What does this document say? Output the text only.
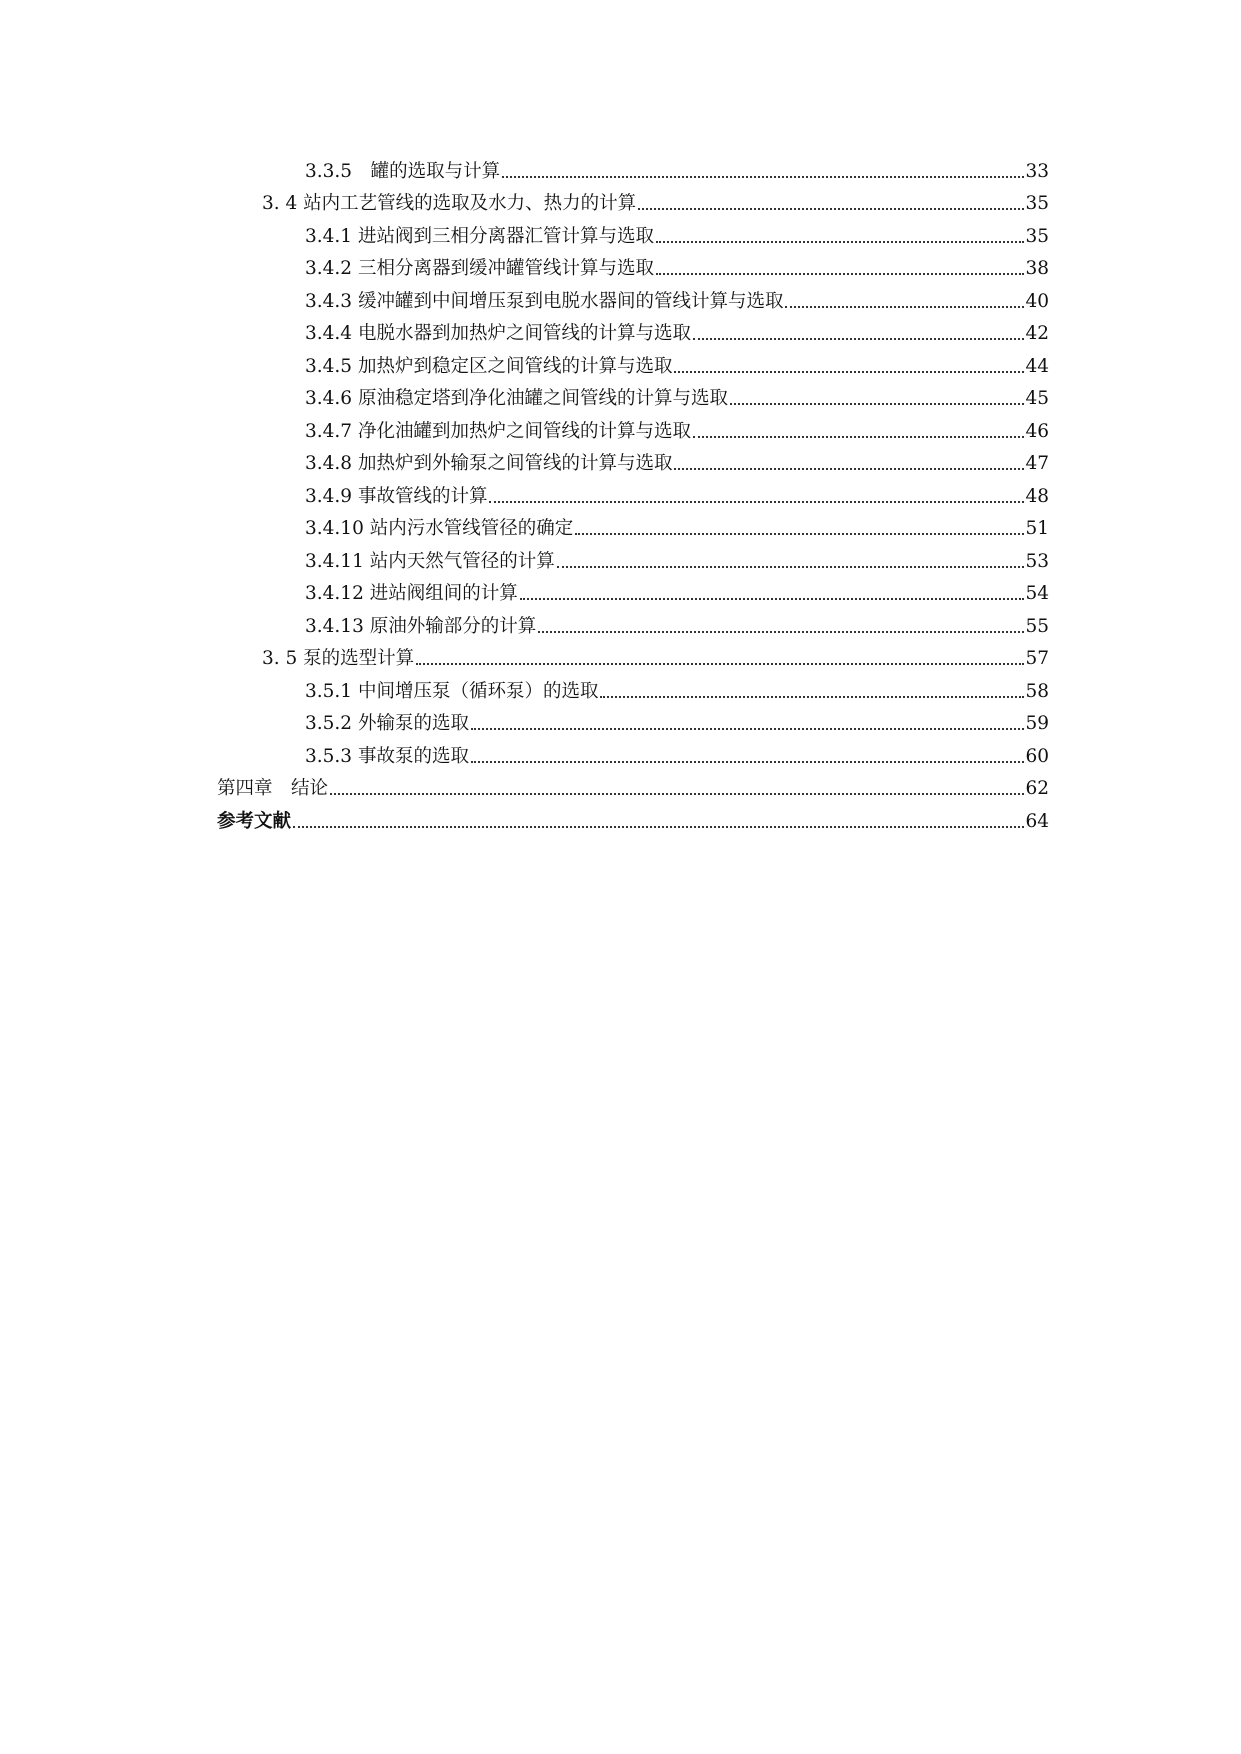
3.3.5　罐的选取与计算	33
3. 4 站内工艺管线的选取及水力、热力的计算	35
3.4.1 进站阀到三相分离器汇管计算与选取	35
3.4.2 三相分离器到缓冲罐管线计算与选取	38
3.4.3 缓冲罐到中间增压泵到电脱水器间的管线计算与选取	40
3.4.4 电脱水器到加热炉之间管线的计算与选取	42
3.4.5 加热炉到稳定区之间管线的计算与选取	44
3.4.6 原油稳定塔到净化油罐之间管线的计算与选取	45
3.4.7 净化油罐到加热炉之间管线的计算与选取	46
3.4.8 加热炉到外输泵之间管线的计算与选取	47
3.4.9 事故管线的计算	48
3.4.10 站内污水管线管径的确定	51
3.4.11 站内天然气管径的计算	53
3.4.12 进站阀组间的计算	54
3.4.13 原油外输部分的计算	55
3. 5 泵的选型计算	57
3.5.1 中间增压泵（循环泵）的选取	58
3.5.2 外输泵的选取	59
3.5.3 事故泵的选取	60
第四章　结论	62
参考文献	64
